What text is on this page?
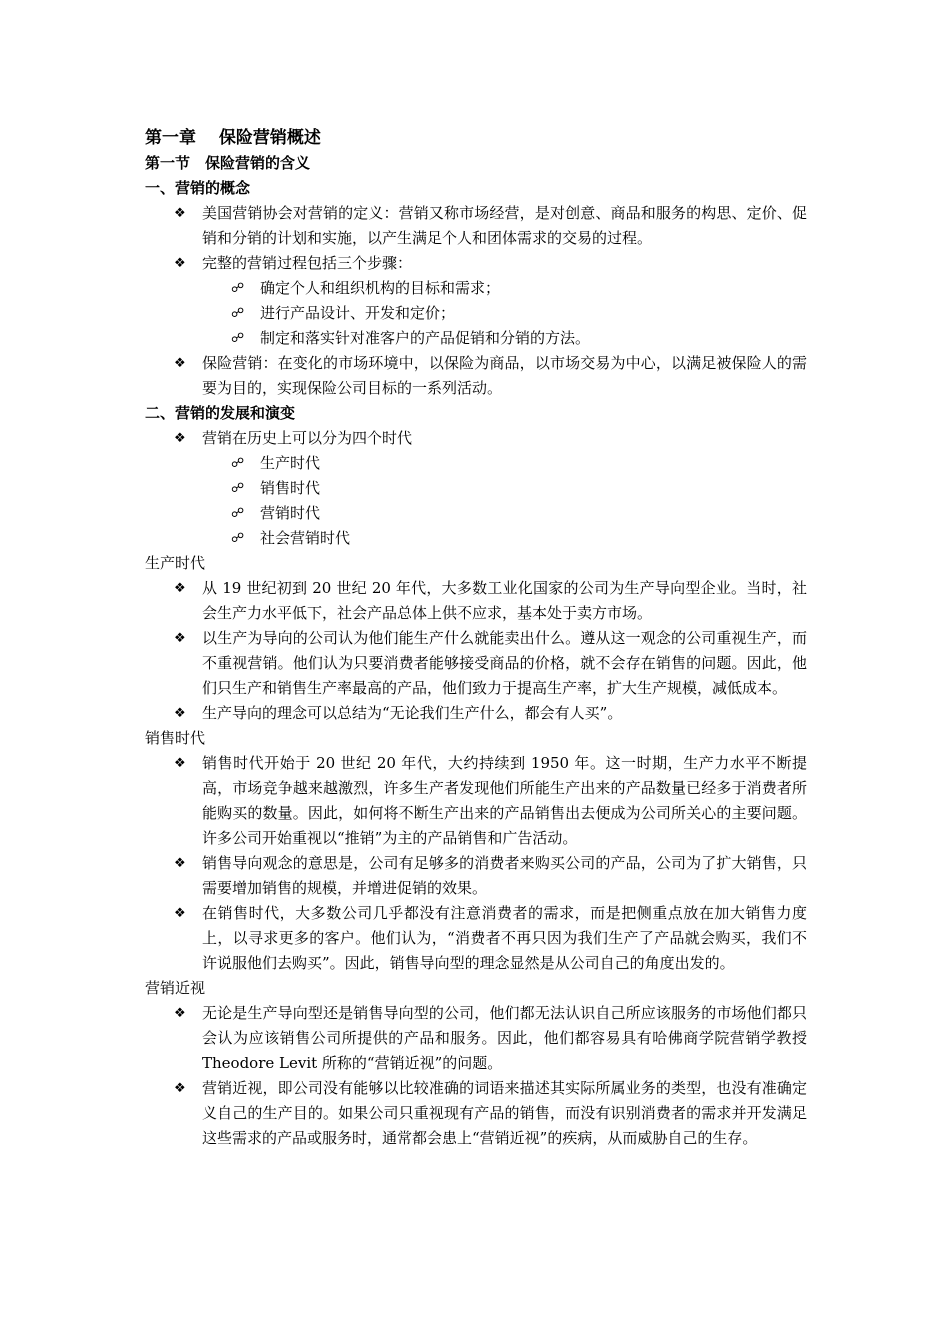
第一章　 保险营销概述
第一节　保险营销的含义
一、营销的概念
❖ 美国营销协会对营销的定义：营销又称市场经营，是对创意、商品和服务的构思、定价、促销和分销的计划和实施，以产生满足个人和团体需求的交易的过程。
❖ 完整的营销过程包括三个步骤：
☍ 确定个人和组织机构的目标和需求；
☍ 进行产品设计、开发和定价；
☍ 制定和落实针对准客户的产品促销和分销的方法。
❖ 保险营销：在变化的市场环境中，以保险为商品，以市场交易为中心，以满足被保险人的需要为目的，实现保险公司目标的一系列活动。
二、营销的发展和演变
❖ 营销在历史上可以分为四个时代
☍ 生产时代
☍ 销售时代
☍ 营销时代
☍ 社会营销时代
生产时代
❖ 从 19 世纪初到 20 世纪 20 年代，大多数工业化国家的公司为生产导向型企业。当时，社会生产力水平低下，社会产品总体上供不应求，基本处于卖方市场。
❖ 以生产为导向的公司认为他们能生产什么就能卖出什么。遵从这一观念的公司重视生产，而不重视营销。他们认为只要消费者能够接受商品的价格，就不会存在销售的问题。因此，他们只生产和销售生产率最高的产品，他们致力于提高生产率，扩大生产规模，减低成本。
❖ 生产导向的理念可以总结为“无论我们生产什么，都会有人买”。
销售时代
❖ 销售时代开始于 20 世纪 20 年代，大约持续到 1950 年。这一时期，生产力水平不断提高，市场竞争越来越激烈，许多生产者发现他们所能生产出来的产品数量已经多于消费者所能购买的数量。因此，如何将不断生产出来的产品销售出去便成为公司所关心的主要问题。许多公司开始重视以“推销”为主的产品销售和广告活动。
❖ 销售导向观念的意思是，公司有足够多的消费者来购买公司的产品，公司为了扩大销售，只需要增加销售的规模，并增进促销的效果。
❖ 在销售时代，大多数公司几乎都没有注意消费者的需求，而是把侧重点放在加大销售力度上，以寻求更多的客户。他们认为，“消费者不再只因为我们生产了产品就会购买，我们不许说服他们去购买”。因此，销售导向型的理念显然是从公司自己的角度出发的。
营销近视
❖ 无论是生产导向型还是销售导向型的公司，他们都无法认识自己所应该服务的市场他们都只会认为应该销售公司所提供的产品和服务。因此，他们都容易具有哈佛商学院营销学教授 Theodore Levit 所称的“营销近视”的问题。
❖ 营销近视，即公司没有能够以比较准确的词语来描述其实际所属业务的类型，也没有准确定义自己的生产目的。如果公司只重视现有产品的销售，而没有识别消费者的需求并开发满足这些需求的产品或服务时，通常都会患上“营销近视”的疾病，从而威胁自己的生存。
